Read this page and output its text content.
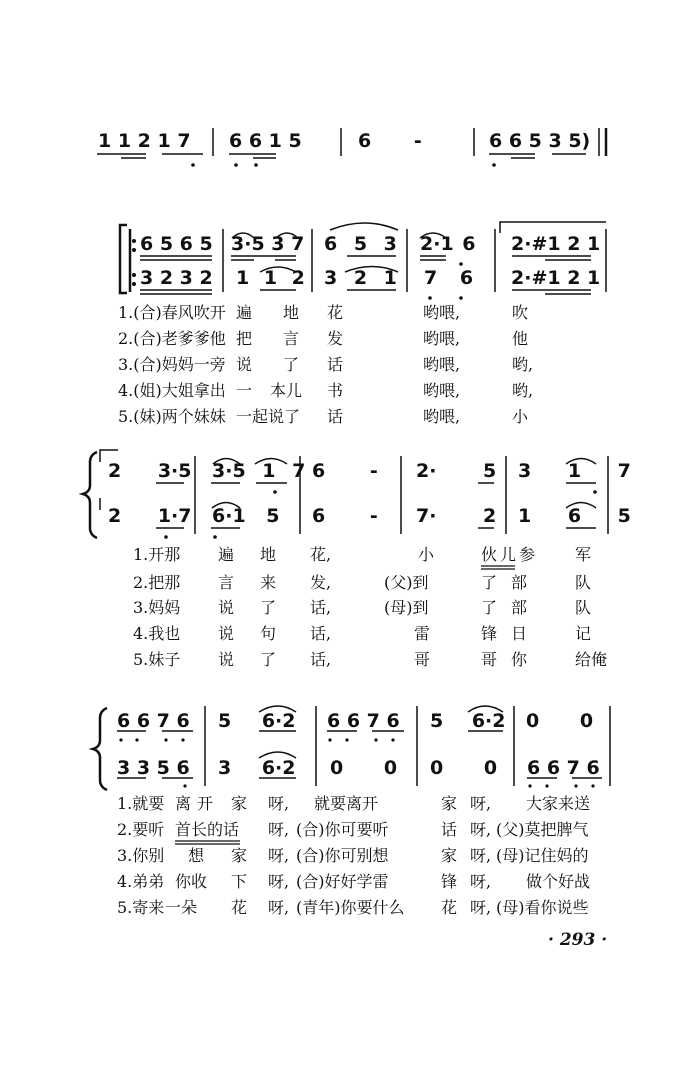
1 1 2 1 7 6 6 1 5	6 -	6 6 5 3 5)
6 5 6 5 3·5 3 7 6 5 3 2·1 6 2·#1 2 1
3 2 3 2 1 1 2 3 2 1 7 6 2·#1 2 1
1.(合)春风吹开 遍 地 花	哟喂,	吹
2.(合)老爹爹他 把 言 发	哟喂,	他
3.(合)妈妈一旁 说 了 话	哟喂,	哟,
4.(姐)大姐拿出 一 本儿 书	哟喂,	哟,
5.(妹)两个妹妹 一起说了 话	哟喂,	小
2 3·5 3·5 1 7 6 - 2· 5 3 1 7
2 1·7 6·1 5 6 - 7· 2 1 6 5
1.开那 遍 地 花,	小	伙儿参 军
2.把那 言 来 发,	(父)到	了部 队
3.妈妈 说 了 话,	(母)到	了部 队
4.我也 说 句 话,	雷	锋日 记
5.妹子 说 了 话,	哥	哥你 给俺
6 6 7 6 5 6·2 6 6 7 6 5 6·2 0 0
3 3 5 6 3 6·2 0 0 0 0 6 6 7 6
1.就要 离开 家 呀, 就要离开	家 呀, 大家来送
2.要听 首长的话 呀, (合)你可要听	话 呀, (父)莫把脾气
3.你别 想 家 呀, (合)你可别想	家 呀, (母)记住妈的
4.弟弟 你收 下 呀, (合)好好学雷	锋 呀, 做个好战
5.寄来 一朵 花 呀, (青年)你要什么 花 呀, (母)看你说些
· 293 ·
